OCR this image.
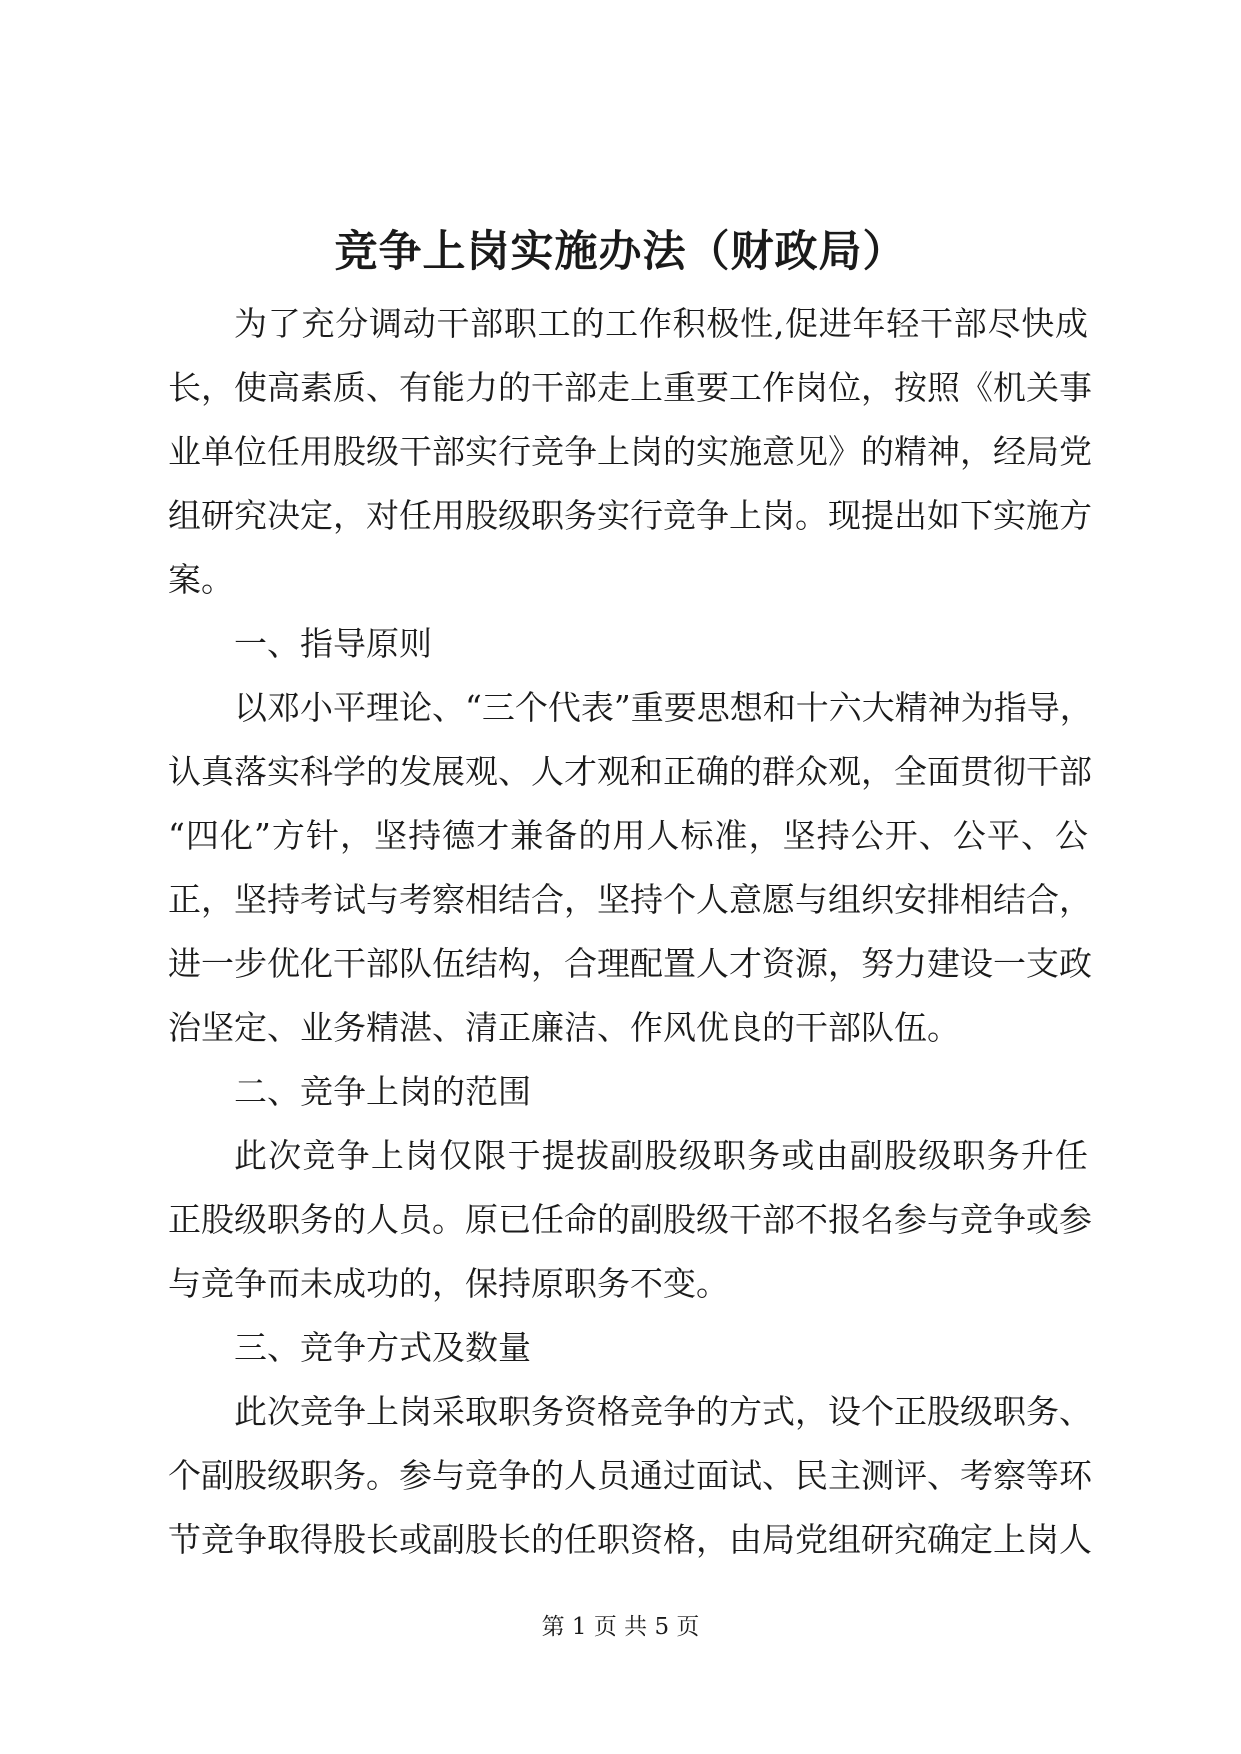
竞争上岗实施办法（财政局）
为了充分调动干部职工的工作积极性,促进年轻干部尽快成
长，使高素质、有能力的干部走上重要工作岗位，按照《机关事
业单位任用股级干部实行竞争上岗的实施意见》的精神，经局党
组研究决定，对任用股级职务实行竞争上岗。现提出如下实施方
案。
一、指导原则
以邓小平理论、“三个代表”重要思想和十六大精神为指导，
认真落实科学的发展观、人才观和正确的群众观，全面贯彻干部
“四化”方针，坚持德才兼备的用人标准，坚持公开、公平、公
正，坚持考试与考察相结合，坚持个人意愿与组织安排相结合，
进一步优化干部队伍结构，合理配置人才资源，努力建设一支政
治坚定、业务精湛、清正廉洁、作风优良的干部队伍。
二、竞争上岗的范围
此次竞争上岗仅限于提拔副股级职务或由副股级职务升任
正股级职务的人员。原已任命的副股级干部不报名参与竞争或参
与竞争而未成功的，保持原职务不变。
三、竞争方式及数量
此次竞争上岗采取职务资格竞争的方式，设个正股级职务、
个副股级职务。参与竞争的人员通过面试、民主测评、考察等环
节竞争取得股长或副股长的任职资格，由局党组研究确定上岗人
第 1 页 共 5 页
